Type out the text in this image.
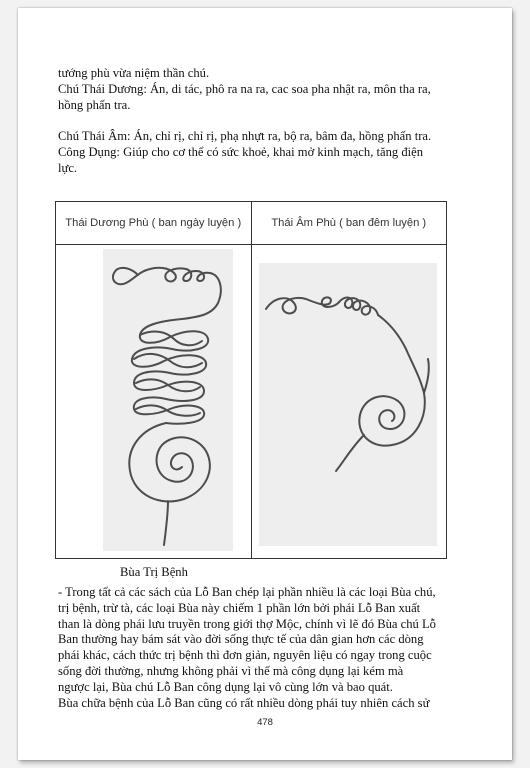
tướng phù vừa niệm thần chú.
Chú Thái Dương: Án, di tác, phô ra na ra, cac soa pha nhật ra, môn tha ra,
hồng phấn tra.

Chú Thái Âm: Án, chỉ rị, chỉ rị, phạ nhựt ra, bộ ra, bâm đa, hồng phấn tra.
Công Dụng: Giúp cho cơ thể có sức khoẻ, khai mở kinh mạch, tăng điện
lực.

Thái Dương Phù ( ban ngày luyện )	Thái Âm Phù ( ban đêm luyện )

Bùa Trị Bệnh

- Trong tất cả các sách của Lỗ Ban chép lại phần nhiều là các loại Bùa chú,
trị bệnh, trừ tà, các loại Bùa này chiếm 1 phần lớn bởi phái Lỗ Ban xuất
than là dòng phái lưu truyền trong giới thợ Mộc, chính vì lẽ đó Bùa chú Lỗ
Ban thường hay bám sát vào đời sống thực tế của dân gian hơn các dòng
phái khác, cách thức trị bệnh thì đơn giản, nguyên liệu có ngay trong cuộc
sống đời thường, nhưng không phải vì thế mà công dụng lại kém mà
ngược lại, Bùa chú Lỗ Ban công dụng lại vô cùng lớn và bao quát.
Bùa chữa bệnh của Lỗ Ban cũng có rất nhiều dòng phái tuy nhiên cách sử

478
